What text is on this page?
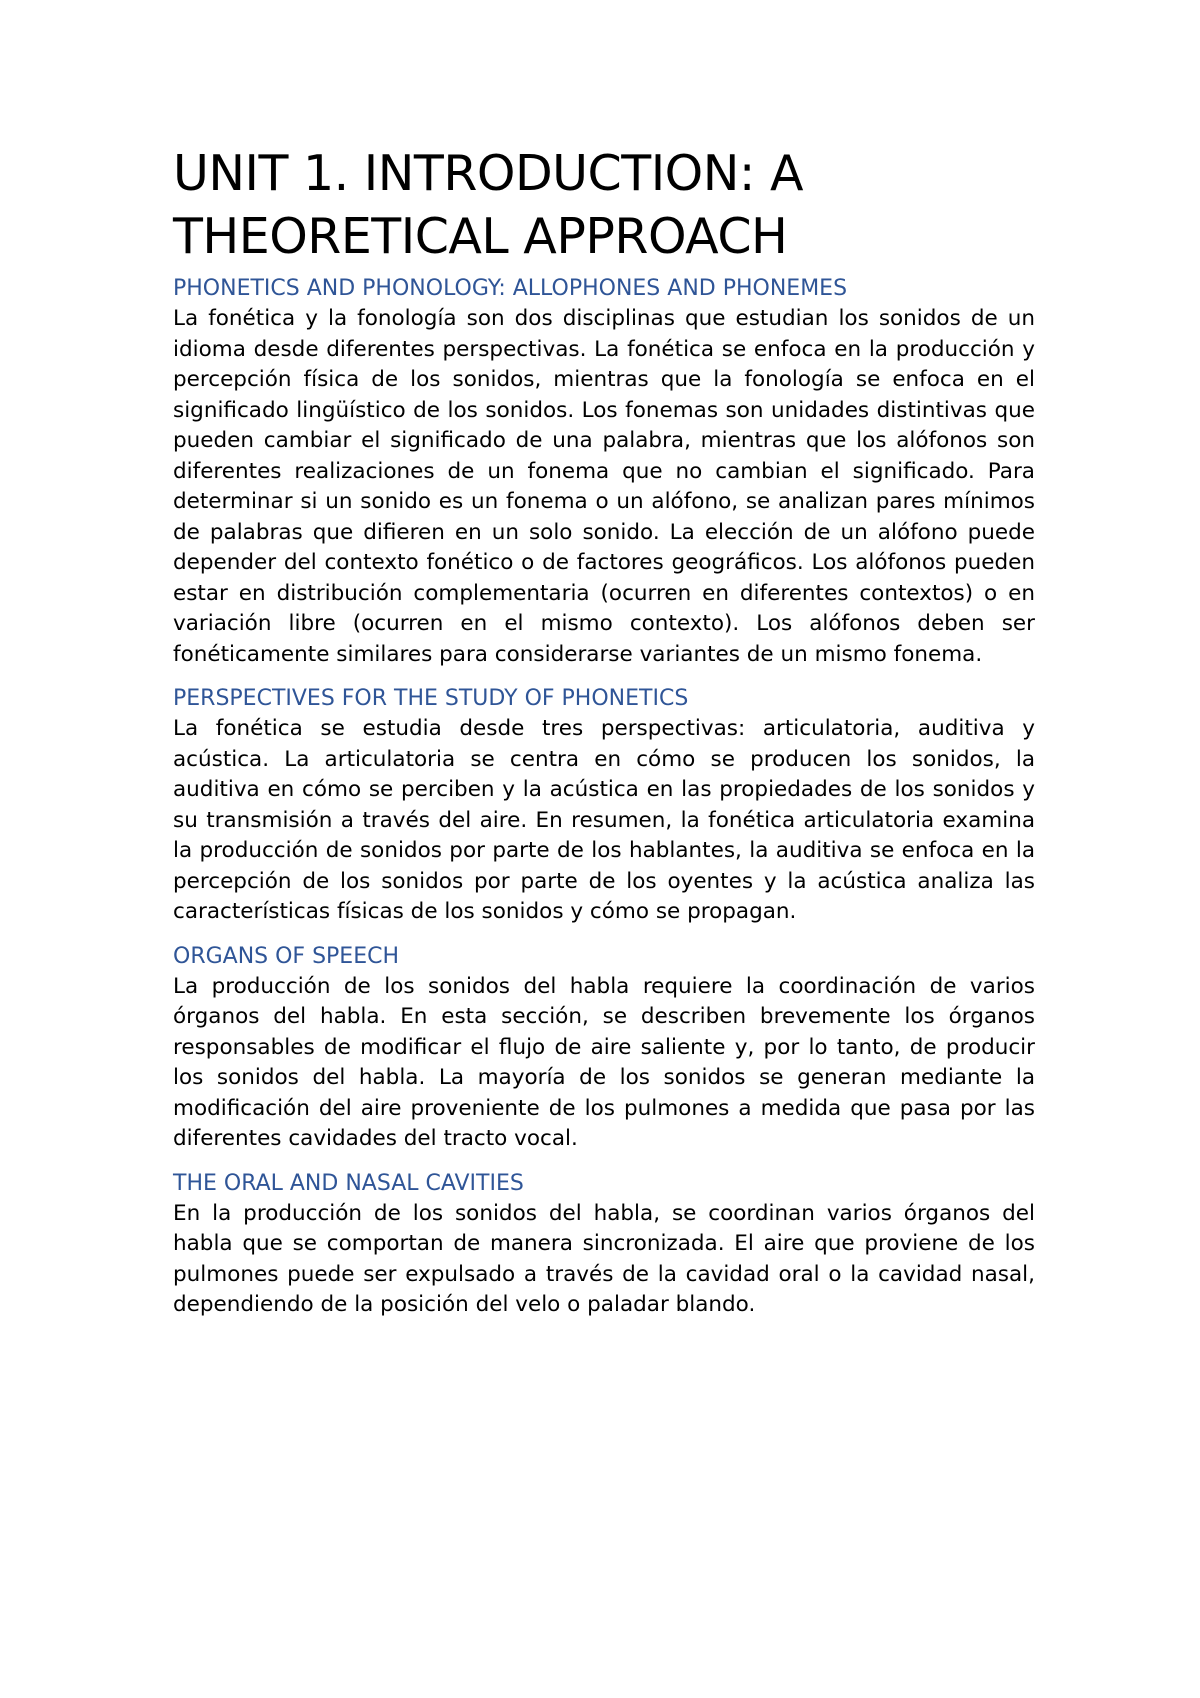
UNIT 1. INTRODUCTION: A THEORETICAL APPROACH
PHONETICS AND PHONOLOGY: ALLOPHONES AND PHONEMES

La fonética y la fonología son dos disciplinas que estudian los sonidos de un idioma desde diferentes perspectivas. La fonética se enfoca en la producción y percepción física de los sonidos, mientras que la fonología se enfoca en el significado lingüístico de los sonidos. Los fonemas son unidades distintivas que pueden cambiar el significado de una palabra, mientras que los alófonos son diferentes realizaciones de un fonema que no cambian el significado. Para determinar si un sonido es un fonema o un alófono, se analizan pares mínimos de palabras que difieren en un solo sonido. La elección de un alófono puede depender del contexto fonético o de factores geográficos. Los alófonos pueden estar en distribución complementaria (ocurren en diferentes contextos) o en variación libre (ocurren en el mismo contexto). Los alófonos deben ser fonéticamente similares para considerarse variantes de un mismo fonema.

PERSPECTIVES FOR THE STUDY OF PHONETICS

La fonética se estudia desde tres perspectivas: articulatoria, auditiva y acústica. La articulatoria se centra en cómo se producen los sonidos, la auditiva en cómo se perciben y la acústica en las propiedades de los sonidos y su transmisión a través del aire. En resumen, la fonética articulatoria examina la producción de sonidos por parte de los hablantes, la auditiva se enfoca en la percepción de los sonidos por parte de los oyentes y la acústica analiza las características físicas de los sonidos y cómo se propagan.

ORGANS OF SPEECH

La producción de los sonidos del habla requiere la coordinación de varios órganos del habla. En esta sección, se describen brevemente los órganos responsables de modificar el flujo de aire saliente y, por lo tanto, de producir los sonidos del habla. La mayoría de los sonidos se generan mediante la modificación del aire proveniente de los pulmones a medida que pasa por las diferentes cavidades del tracto vocal.

THE ORAL AND NASAL CAVITIES

En la producción de los sonidos del habla, se coordinan varios órganos del habla que se comportan de manera sincronizada. El aire que proviene de los pulmones puede ser expulsado a través de la cavidad oral o la cavidad nasal, dependiendo de la posición del velo o paladar blando.
